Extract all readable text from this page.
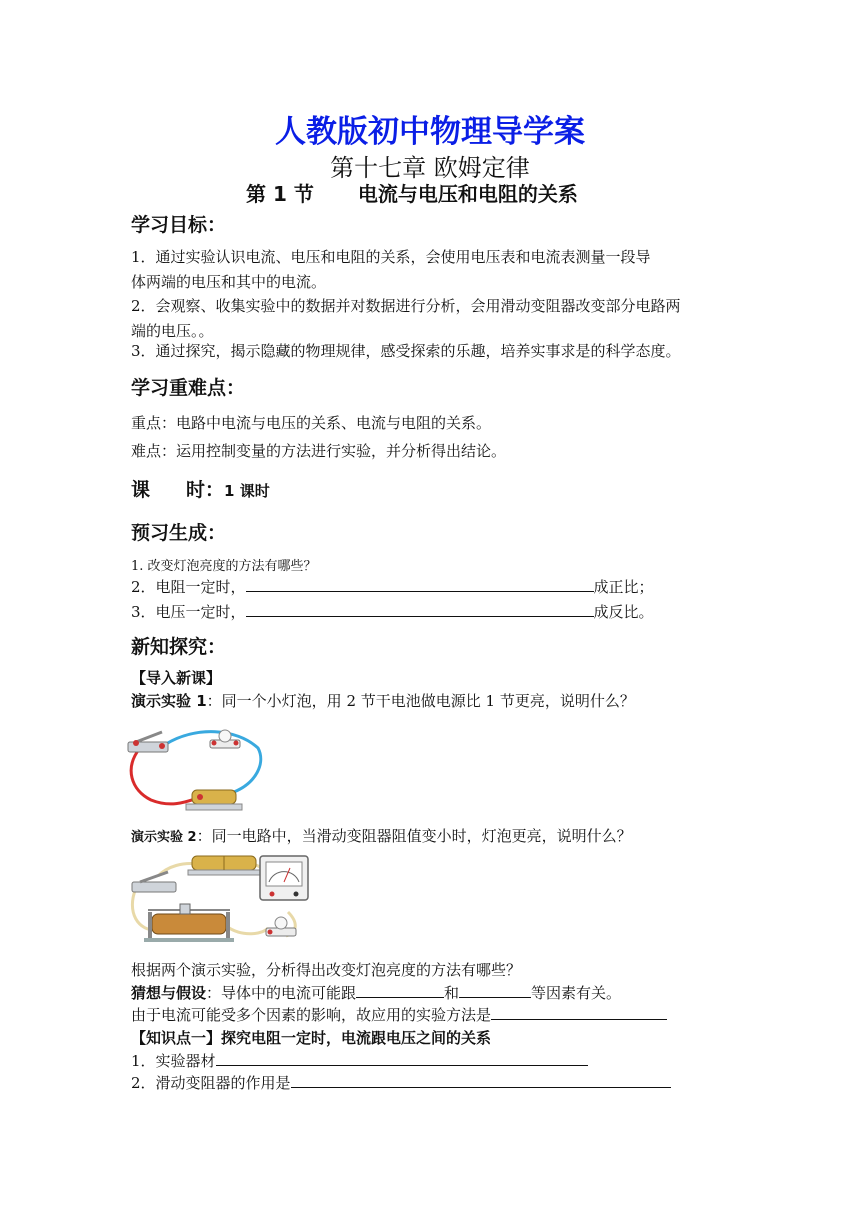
人教版初中物理导学案
第十七章 欧姆定律
第 1 节 电流与电压和电阻的关系
学习目标：
1．通过实验认识电流、电压和电阻的关系，会使用电压表和电流表测量一段导
体两端的电压和其中的电流。
2．会观察、收集实验中的数据并对数据进行分析，会用滑动变阻器改变部分电路两
端的电压。。
3．通过探究，揭示隐藏的物理规律，感受探索的乐趣，培养实事求是的科学态度。
学习重难点：
重点：电路中电流与电压的关系、电流与电阻的关系。
难点：运用控制变量的方法进行实验，并分析得出结论。
课 时：1 课时
预习生成：
1. 改变灯泡亮度的方法有哪些？
2．电阻一定时，	成正比；
3．电压一定时，	成反比。
新知探究：
【导入新课】
演示实验 1：同一个小灯泡，用 2 节干电池做电源比 1 节更亮，说明什么？
演示实验 2：同一电路中，当滑动变阻器阻值变小时，灯泡更亮，说明什么？
根据两个演示实验，分析得出改变灯泡亮度的方法有哪些？
猜想与假设：导体中的电流可能跟	和	等因素有关。
由于电流可能受多个因素的影响，故应用的实验方法是
【知识点一】探究电阻一定时，电流跟电压之间的关系
1．实验器材
2．滑动变阻器的作用是
